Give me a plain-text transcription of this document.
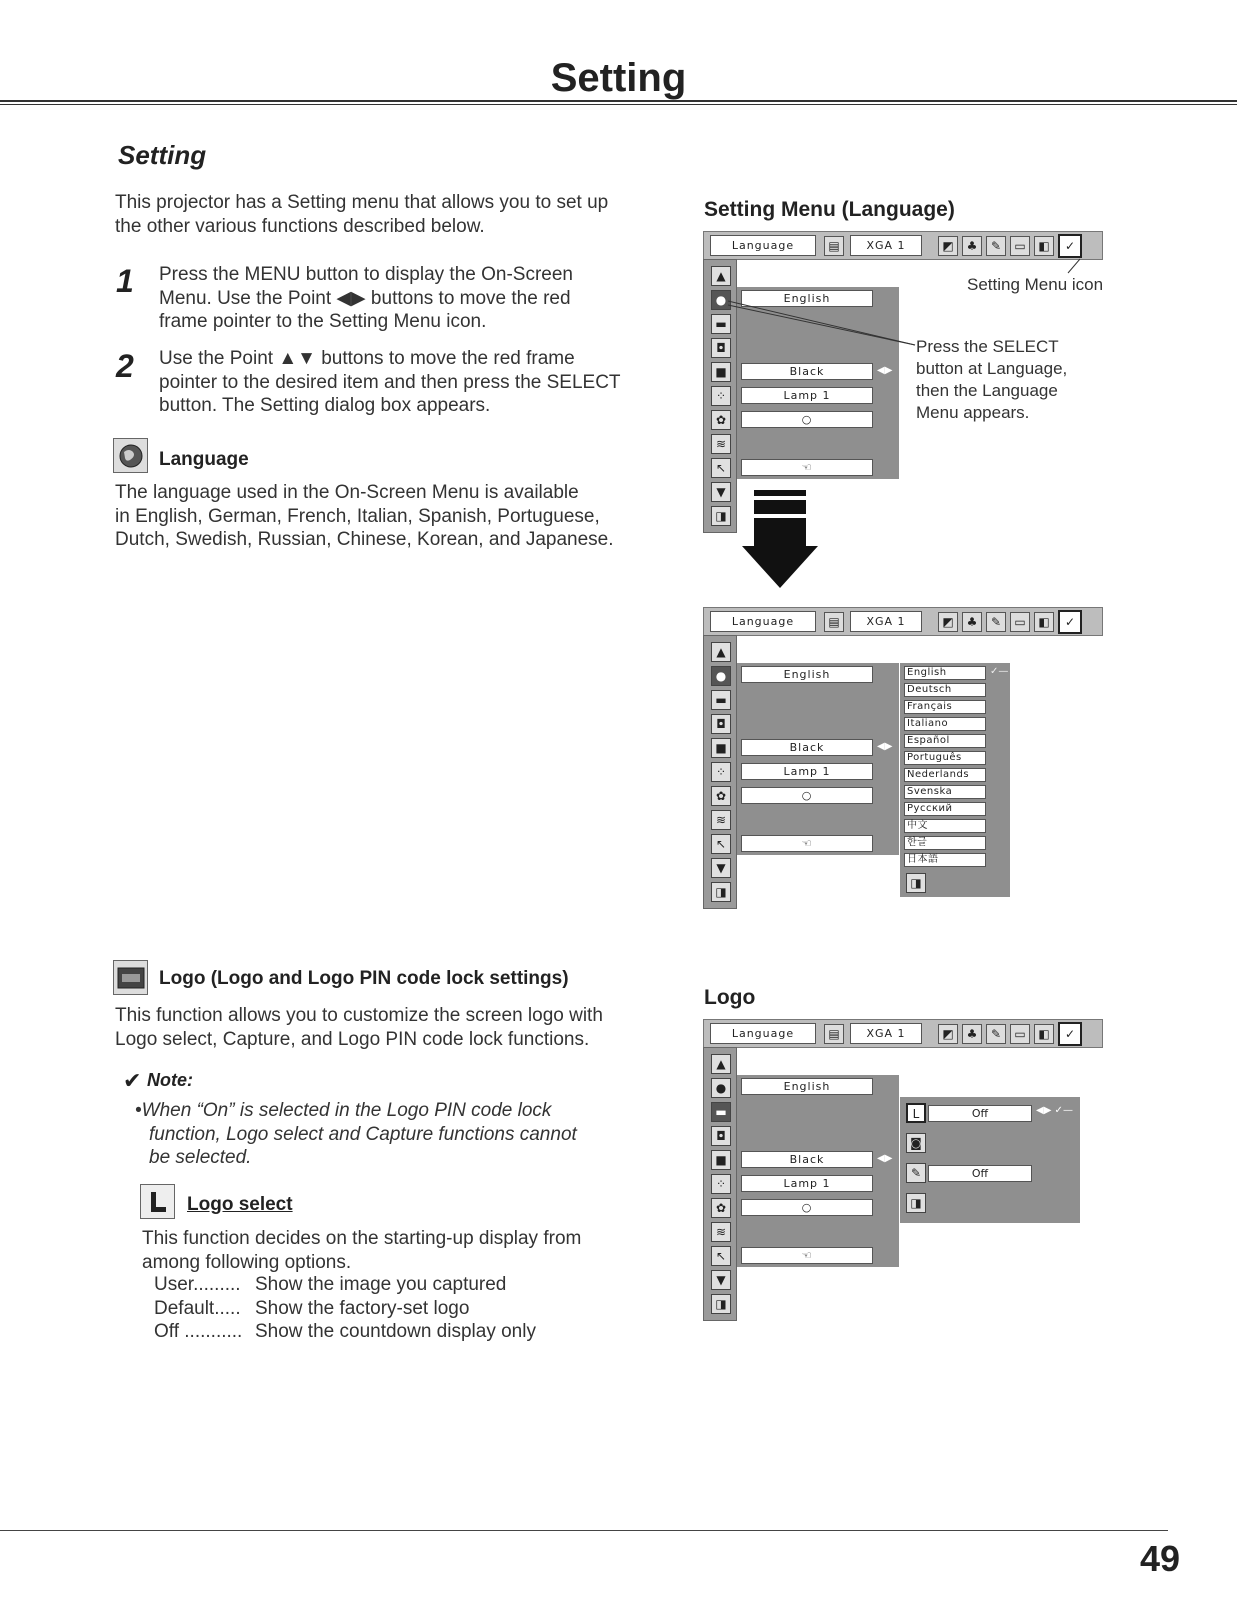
Setting
Setting
This projector has a Setting menu that allows you to set up
the other various functions described below.
1 Press the MENU button to display the On-Screen
Menu. Use the Point ◀▶ buttons to move the red
frame pointer to the Setting Menu icon.
2 Use the Point ▲▼ buttons to move the red frame
pointer to the desired item and then press the SELECT
button. The Setting dialog box appears.
Language
The language used in the On-Screen Menu is available
in English, German, French, Italian, Spanish, Portuguese,
Dutch, Swedish, Russian, Chinese, Korean, and Japanese.
Logo (Logo and Logo PIN code lock settings)
This function allows you to customize the screen logo with
Logo select, Capture, and Logo PIN code lock functions.
✔ Note:
•When “On” is selected in the Logo PIN code lock
function, Logo select and Capture functions cannot
be selected.
Logo select
This function decides on the starting-up display from
among following options.
User......... Show the image you captured
Default..... Show the factory-set logo
Off ........... Show the countdown display only
Setting Menu (Language)
Logo
Language	▤	XGA 1	◩	♣	✎	▭	◧	✓
▲
●
▬
◘
■
⁘
✿
≋
↖
▼
◨
English
Black	◀▶
Lamp 1
○
☜
Setting Menu icon
Press the SELECT
button at Language,
then the Language
Menu appears.
Language	▤	XGA 1	◩	♣	✎	▭	◧	✓
▲
●
▬
◘
■
⁘
✿
≋
↖
▼
◨
English
Black	◀▶
Lamp 1
○
☜
English
Deutsch
Français
Italiano
Español
Português
Nederlands
Svenska
Русский
中文
한글
日本語
✓—
◨
Language	▤	XGA 1	◩	♣	✎	▭	◧	✓
▲
●
▬
◘
■
⁘
✿
≋
↖
▼
◨
English
Black	◀▶
Lamp 1
○
☜
L	Off	◀▶ ✓—
◙
✎	Off
◨
49
